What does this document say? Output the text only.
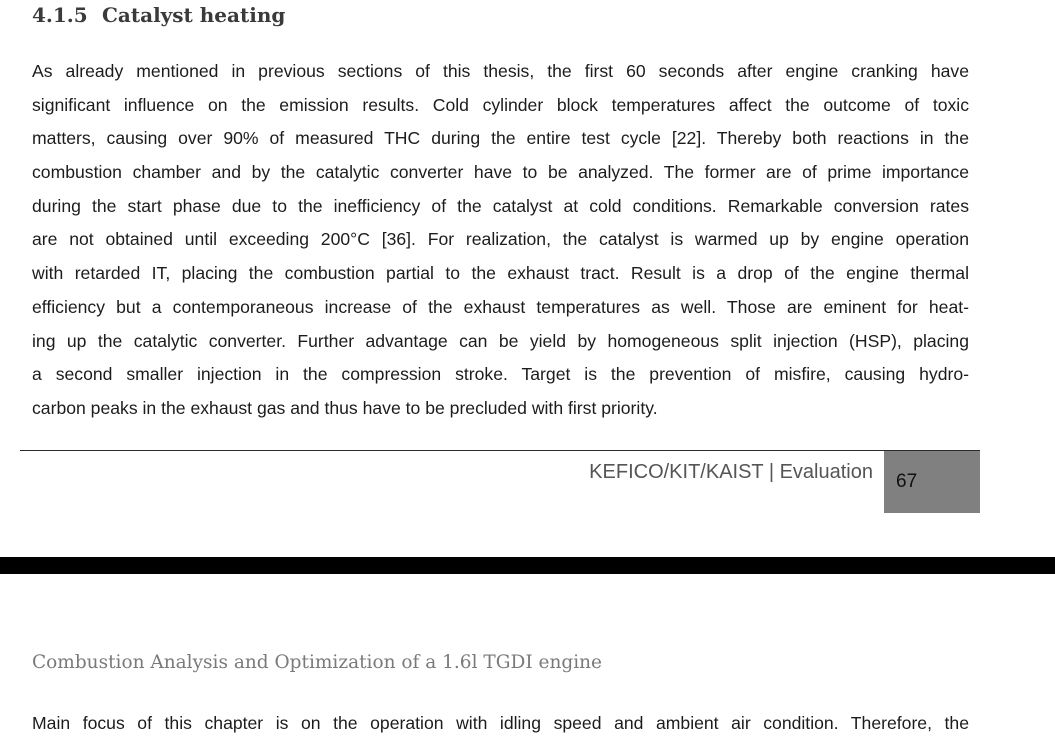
4.1.5 Catalyst heating
As already mentioned in previous sections of this thesis, the first 60 seconds after engine cranking have
significant influence on the emission results. Cold cylinder block temperatures affect the outcome of toxic
matters, causing over 90% of measured THC during the entire test cycle [22]. Thereby both reactions in the
combustion chamber and by the catalytic converter have to be analyzed. The former are of prime importance
during the start phase due to the inefficiency of the catalyst at cold conditions. Remarkable conversion rates
are not obtained until exceeding 200°C [36]. For realization, the catalyst is warmed up by engine operation
with retarded IT, placing the combustion partial to the exhaust tract. Result is a drop of the engine thermal
efficiency but a contemporaneous increase of the exhaust temperatures as well. Those are eminent for heat-
ing up the catalytic converter. Further advantage can be yield by homogeneous split injection (HSP), placing
a second smaller injection in the compression stroke. Target is the prevention of misfire, causing hydro-
carbon peaks in the exhaust gas and thus have to be precluded with first priority.
KEFICO/KIT/KAIST | Evaluation 67
Combustion Analysis and Optimization of a 1.6l TGDI engine
Main focus of this chapter is on the operation with idling speed and ambient air condition. Therefore, the
